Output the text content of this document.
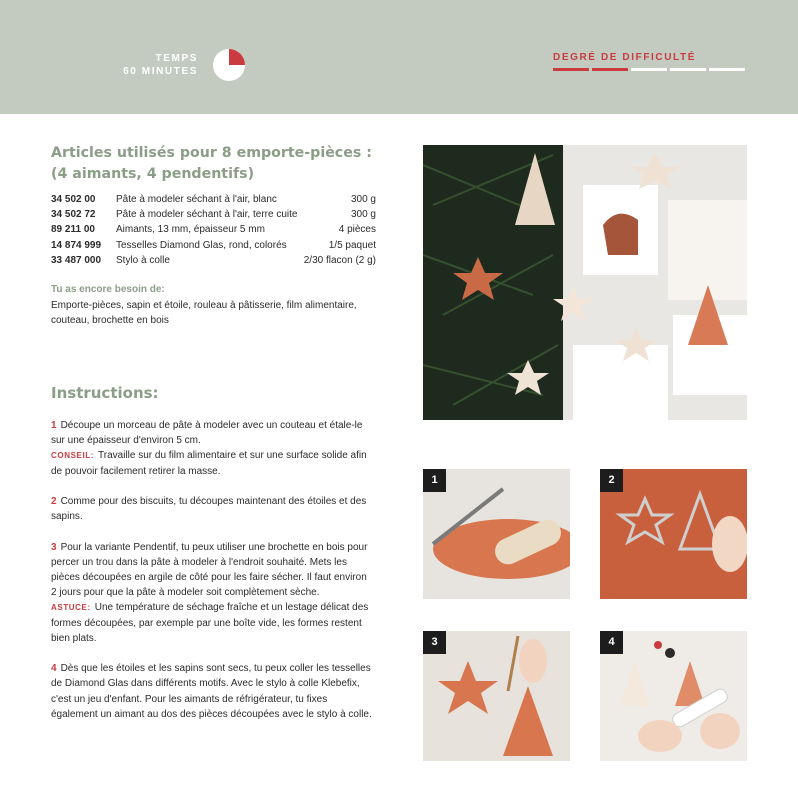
TEMPS
60 MINUTES
DEGRÉ DE DIFFICULTÉ
Articles utilisés pour 8 emporte-pièces : (4 aimants, 4 pendentifs)
34 502 00	Pâte à modeler séchant à l'air, blanc	300 g
34 502 72	Pâte à modeler séchant à l'air, terre cuite	300 g
89 211 00	Aimants, 13 mm, épaisseur 5 mm	4 pièces
14 874 999	Tesselles Diamond Glas, rond, colorés	1/5 paquet
33 487 000	Stylo à colle	2/30 flacon (2 g)
Tu as encore besoin de:
Emporte-pièces, sapin et étoile, rouleau à pâtisserie, film alimentaire, couteau, brochette en bois
Instructions:
1 Découpe un morceau de pâte à modeler avec un couteau et étale-le sur une épaisseur d'environ 5 cm.
CONSEIL: Travaille sur du film alimentaire et sur une surface solide afin de pouvoir facilement retirer la masse.
2 Comme pour des biscuits, tu découpes maintenant des étoiles et des sapins.
3 Pour la variante Pendentif, tu peux utiliser une brochette en bois pour percer un trou dans la pâte à modeler à l'endroit souhaité. Mets les pièces découpées en argile de côté pour les faire sécher. Il faut environ 2 jours pour que la pâte à modeler soit complètement sèche.
ASTUCE: Une température de séchage fraîche et un lestage délicat des formes découpées, par exemple par une boîte vide, les formes restent bien plats.
4 Dès que les étoiles et les sapins sont secs, tu peux coller les tesselles de Diamond Glas dans différents motifs. Avec le stylo à colle Klebefix, c'est un jeu d'enfant. Pour les aimants de réfrigérateur, tu fixes également un aimant au dos des pièces découpées avec le stylo à colle.
1	2
3	4
